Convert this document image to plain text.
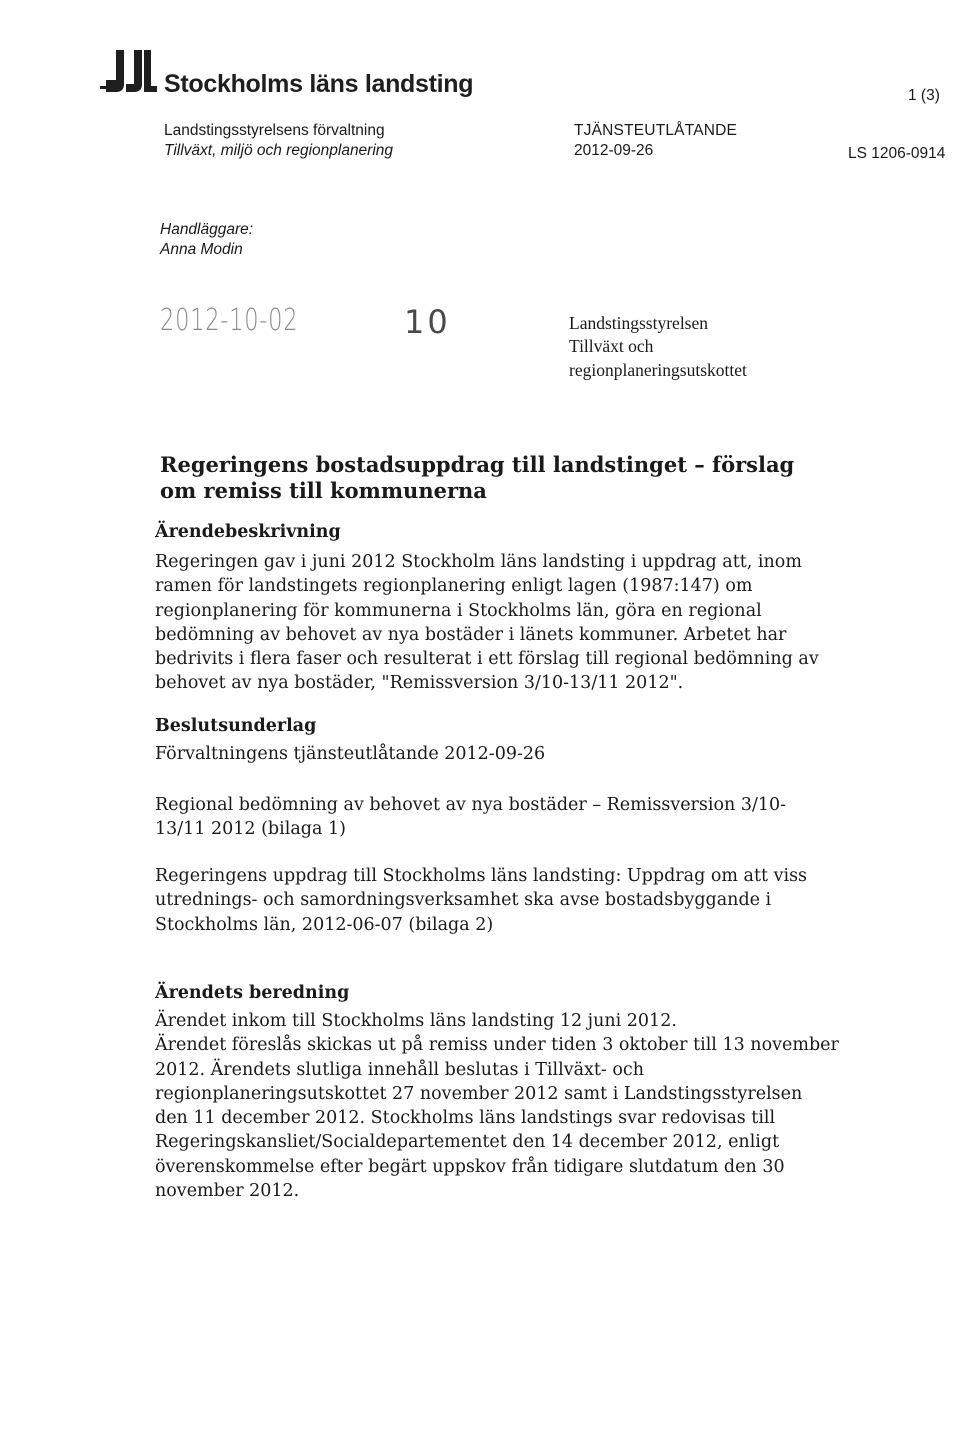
Stockholms läns landsting	1 (3)
Landstingsstyrelsens förvaltning
Tillväxt, miljö och regionplanering
TJÄNSTEUTLÅTANDE
2012-09-26	LS 1206-0914
Handläggare:
Anna Modin
2012-10-02	10	Landstingsstyrelsen
Tillväxt och
regionplaneringsutskottet
Regeringens bostadsuppdrag till landstinget – förslag
om remiss till kommunerna
Ärendebeskrivning
Regeringen gav i juni 2012 Stockholm läns landsting i uppdrag att, inom
ramen för landstingets regionplanering enligt lagen (1987:147) om
regionplanering för kommunerna i Stockholms län, göra en regional
bedömning av behovet av nya bostäder i länets kommuner. Arbetet har
bedrivits i flera faser och resulterat i ett förslag till regional bedömning av
behovet av nya bostäder, "Remissversion 3/10-13/11 2012".
Beslutsunderlag
Förvaltningens tjänsteutlåtande 2012-09-26
Regional bedömning av behovet av nya bostäder – Remissversion 3/10-
13/11 2012 (bilaga 1)
Regeringens uppdrag till Stockholms läns landsting: Uppdrag om att viss
utrednings- och samordningsverksamhet ska avse bostadsbyggande i
Stockholms län, 2012-06-07 (bilaga 2)
Ärendets beredning
Ärendet inkom till Stockholms läns landsting 12 juni 2012.
Ärendet föreslås skickas ut på remiss under tiden 3 oktober till 13 november
2012. Ärendets slutliga innehåll beslutas i Tillväxt- och
regionplaneringsutskottet 27 november 2012 samt i Landstingsstyrelsen
den 11 december 2012. Stockholms läns landstings svar redovisas till
Regeringskansliet/Socialdepartementet den 14 december 2012, enligt
överenskommelse efter begärt uppskov från tidigare slutdatum den 30
november 2012.
